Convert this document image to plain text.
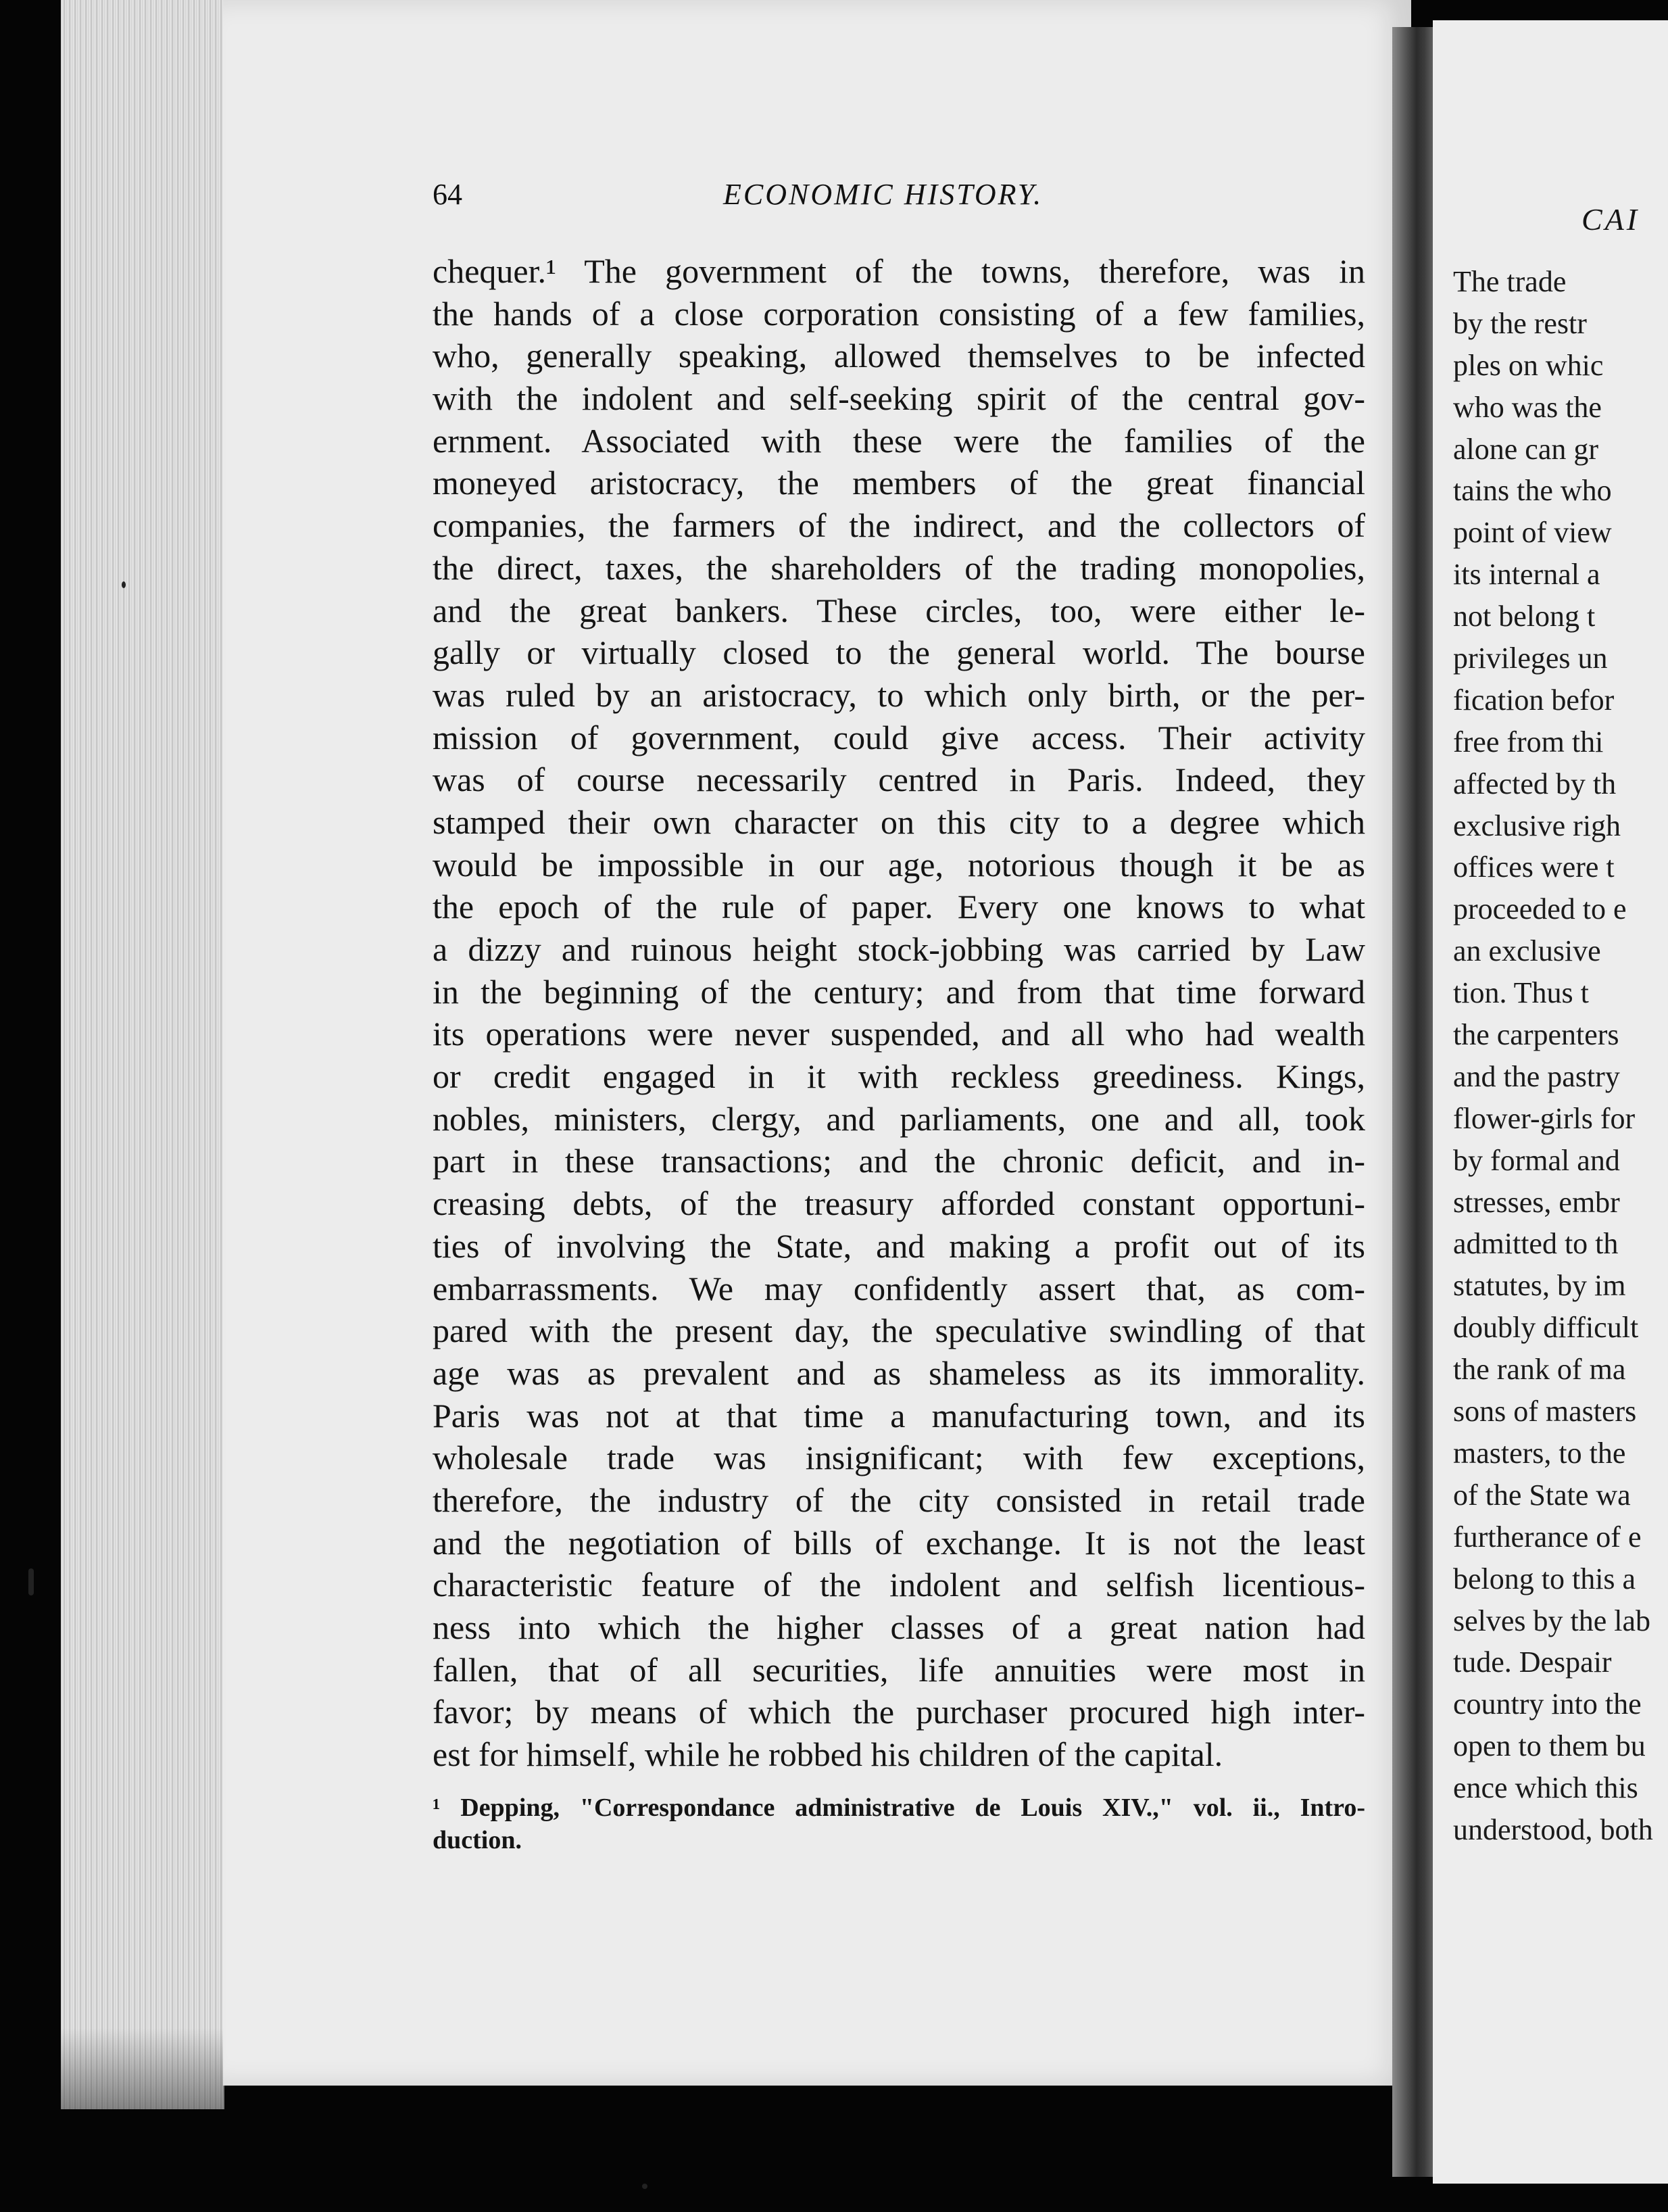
CAI
The trade
by the restr
ples on whic
who was the
alone can gr
tains the who
point of view
its internal a
not belong t
privileges un
fication befor
free from thi
affected by th
exclusive righ
offices were t
proceeded to e
an exclusive
tion. Thus t
the carpenters
and the pastry
flower-girls for
by formal and
stresses, embr
admitted to th
statutes, by im
doubly difficult
the rank of ma
sons of masters
masters, to the
of the State wa
furtherance of e
belong to this a
selves by the lab
tude. Despair
country into the
open to them bu
ence which this
understood, both
64	ECONOMIC HISTORY.
chequer.¹ The government of the towns, therefore, was in
the hands of a close corporation consisting of a few families,
who, generally speaking, allowed themselves to be infected
with the indolent and self-seeking spirit of the central gov-
ernment. Associated with these were the families of the
moneyed aristocracy, the members of the great financial
companies, the farmers of the indirect, and the collectors of
the direct, taxes, the shareholders of the trading monopolies,
and the great bankers. These circles, too, were either le-
gally or virtually closed to the general world. The bourse
was ruled by an aristocracy, to which only birth, or the per-
mission of government, could give access. Their activity
was of course necessarily centred in Paris. Indeed, they
stamped their own character on this city to a degree which
would be impossible in our age, notorious though it be as
the epoch of the rule of paper. Every one knows to what
a dizzy and ruinous height stock-jobbing was carried by Law
in the beginning of the century; and from that time forward
its operations were never suspended, and all who had wealth
or credit engaged in it with reckless greediness. Kings,
nobles, ministers, clergy, and parliaments, one and all, took
part in these transactions; and the chronic deficit, and in-
creasing debts, of the treasury afforded constant opportuni-
ties of involving the State, and making a profit out of its
embarrassments. We may confidently assert that, as com-
pared with the present day, the speculative swindling of that
age was as prevalent and as shameless as its immorality.
Paris was not at that time a manufacturing town, and its
wholesale trade was insignificant; with few exceptions,
therefore, the industry of the city consisted in retail trade
and the negotiation of bills of exchange. It is not the least
characteristic feature of the indolent and selfish licentious-
ness into which the higher classes of a great nation had
fallen, that of all securities, life annuities were most in
favor; by means of which the purchaser procured high inter-
est for himself, while he robbed his children of the capital.
¹ Depping, "Correspondance administrative de Louis XIV.," vol. ii., Intro-
duction.
